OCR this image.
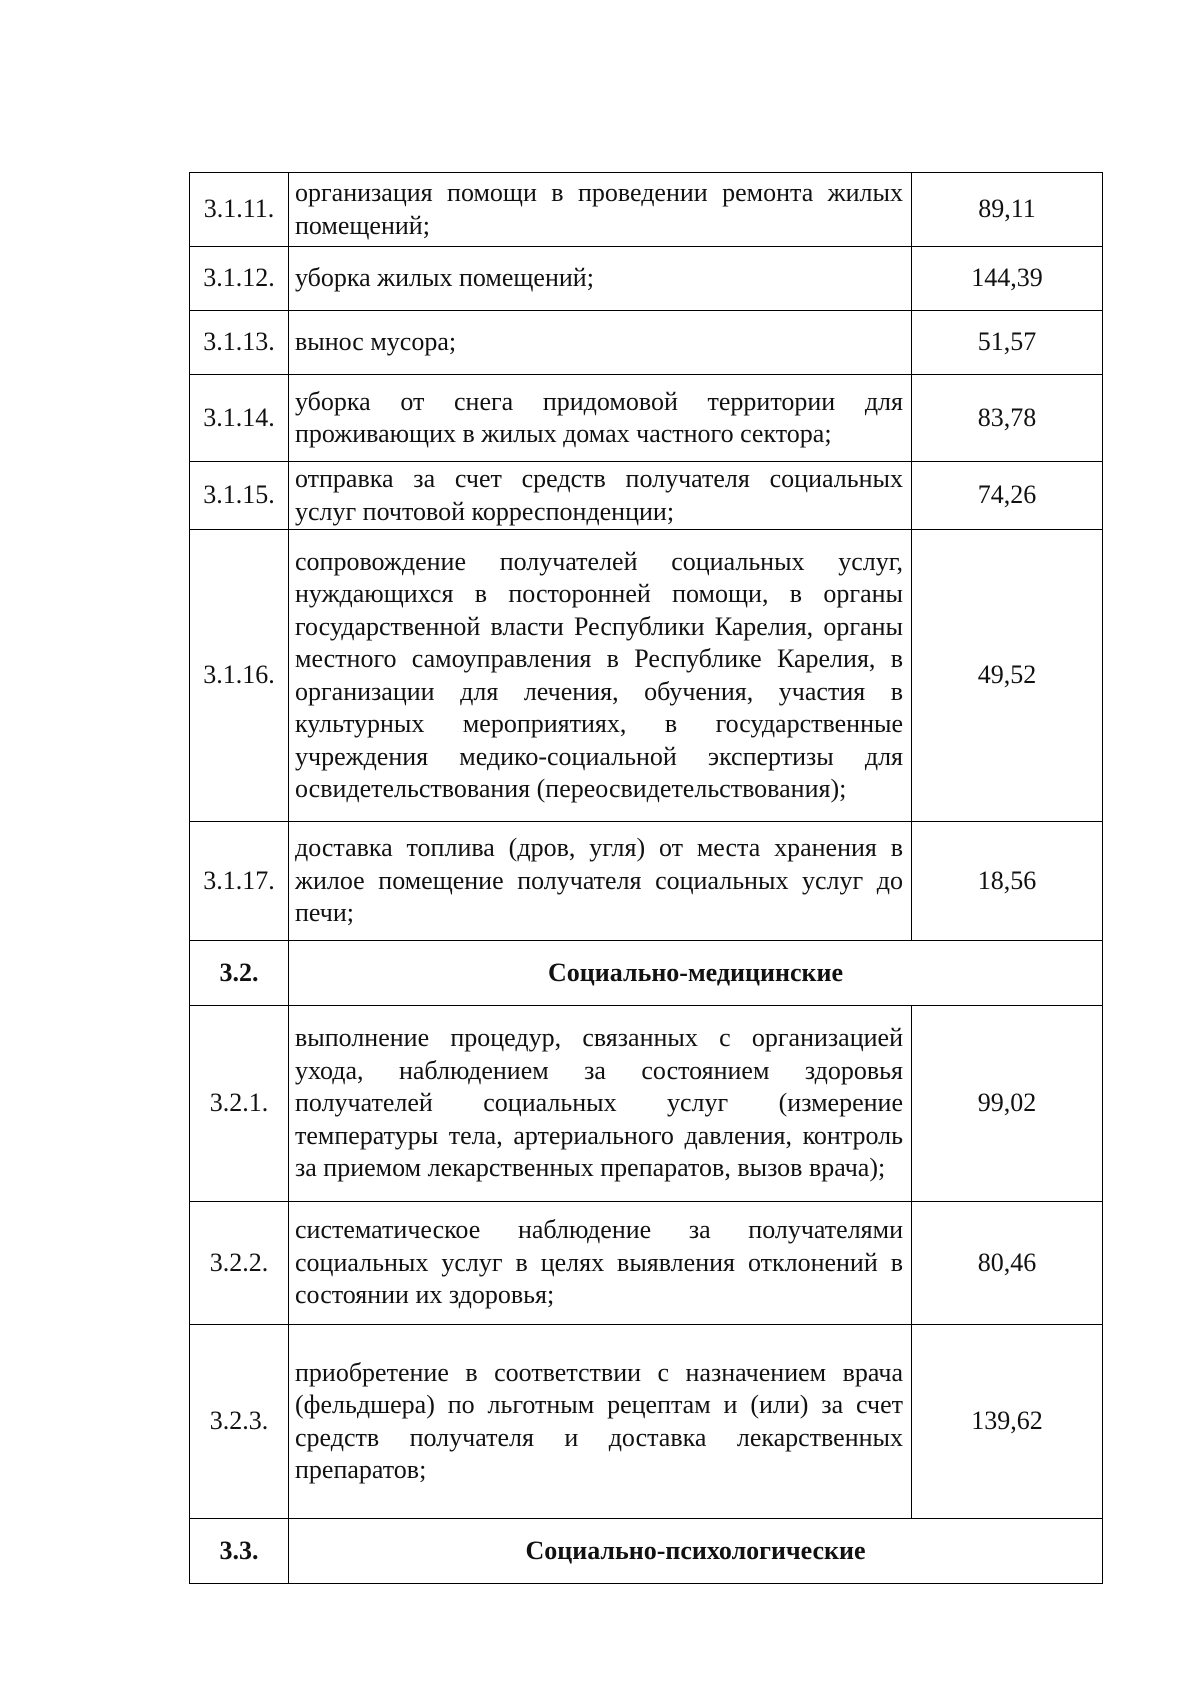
3.1.11.	организация помощи в проведении ремонта жилых помещений;	89,11
3.1.12.	уборка жилых помещений;	144,39
3.1.13.	вынос мусора;	51,57
3.1.14.	уборка от снега придомовой территории для проживающих в жилых домах частного сектора;	83,78
3.1.15.	отправка за счет средств получателя социальных услуг почтовой корреспонденции;	74,26
3.1.16.	сопровождение получателей социальных услуг, нуждающихся в посторонней помощи, в органы государственной власти Республики Карелия, органы местного самоуправления в Республике Карелия, в организации для лечения, обучения, участия в культурных мероприятиях, в государственные учреждения медико-социальной экспертизы для освидетельствования (переосвидетельствования);	49,52
3.1.17.	доставка топлива (дров, угля) от места хранения в жилое помещение получателя социальных услуг до печи;	18,56
3.2.	Социально-медицинские	
3.2.1.	выполнение процедур, связанных с организацией ухода, наблюдением за состоянием здоровья получателей социальных услуг (измерение температуры тела, артериального давления, контроль за приемом лекарственных препаратов, вызов врача);	99,02
3.2.2.	систематическое наблюдение за получателями социальных услуг в целях выявления отклонений в состоянии их здоровья;	80,46
3.2.3.	приобретение в соответствии с назначением врача (фельдшера) по льготным рецептам и (или) за счет средств получателя и доставка лекарственных препаратов;	139,62
3.3.	Социально-психологические	
